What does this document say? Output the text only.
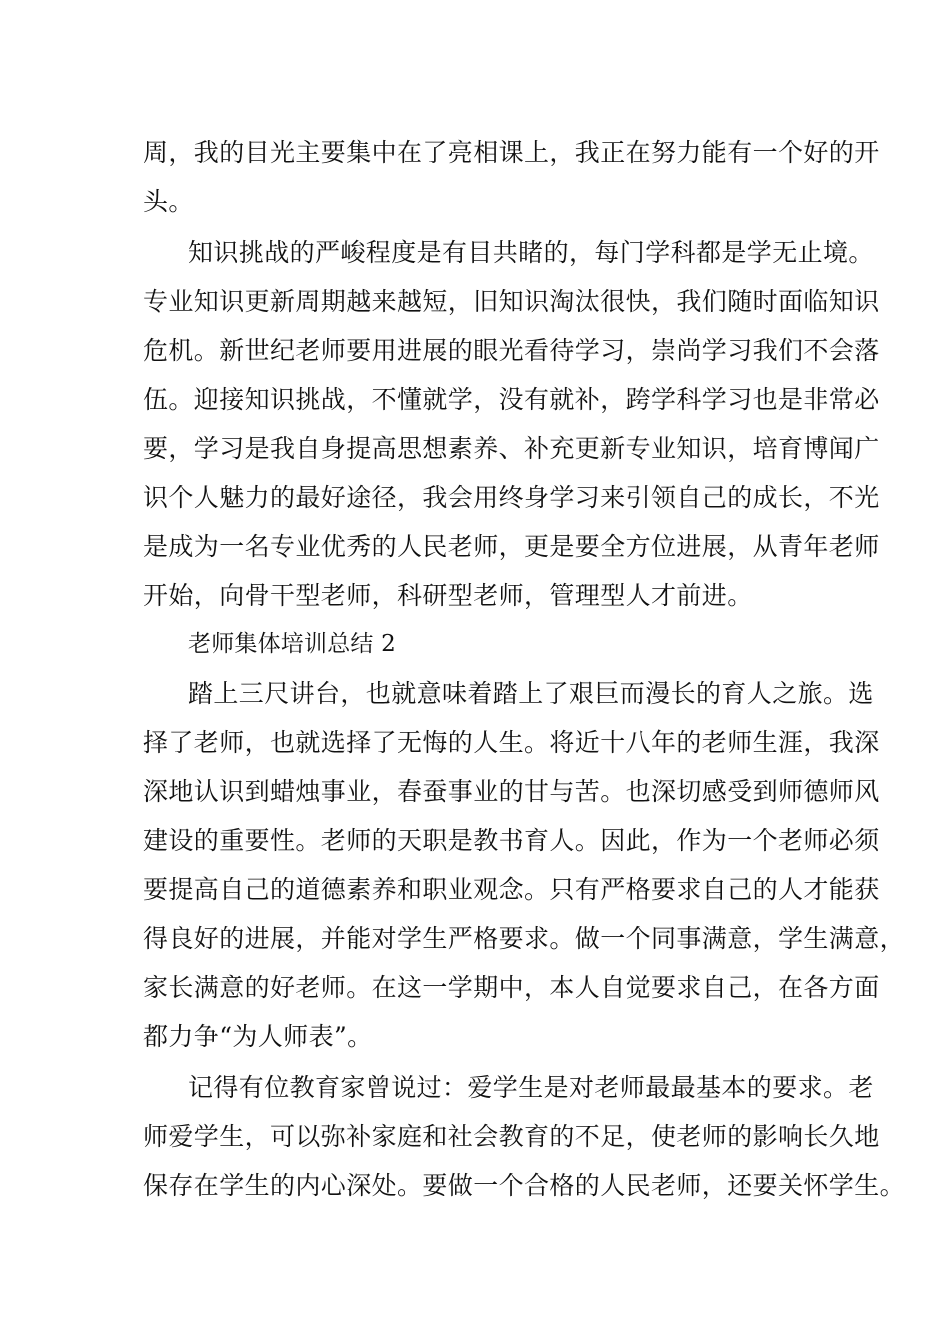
周，我的目光主要集中在了亮相课上，我正在努力能有一个好的开
头。
知识挑战的严峻程度是有目共睹的，每门学科都是学无止境。
专业知识更新周期越来越短，旧知识淘汰很快，我们随时面临知识
危机。新世纪老师要用进展的眼光看待学习，崇尚学习我们不会落
伍。迎接知识挑战，不懂就学，没有就补，跨学科学习也是非常必
要，学习是我自身提高思想素养、补充更新专业知识，培育博闻广
识个人魅力的最好途径，我会用终身学习来引领自己的成长，不光
是成为一名专业优秀的人民老师，更是要全方位进展，从青年老师
开始，向骨干型老师，科研型老师，管理型人才前进。
老师集体培训总结 2
踏上三尺讲台，也就意味着踏上了艰巨而漫长的育人之旅。选
择了老师，也就选择了无悔的人生。将近十八年的老师生涯，我深
深地认识到蜡烛事业，春蚕事业的甘与苦。也深切感受到师德师风
建设的重要性。老师的天职是教书育人。因此，作为一个老师必须
要提高自己的道德素养和职业观念。只有严格要求自己的人才能获
得良好的进展，并能对学生严格要求。做一个同事满意，学生满意，
家长满意的好老师。在这一学期中，本人自觉要求自己，在各方面
都力争“为人师表”。
记得有位教育家曾说过：爱学生是对老师最最基本的要求。老
师爱学生，可以弥补家庭和社会教育的不足，使老师的影响长久地
保存在学生的内心深处。要做一个合格的人民老师，还要关怀学生。
